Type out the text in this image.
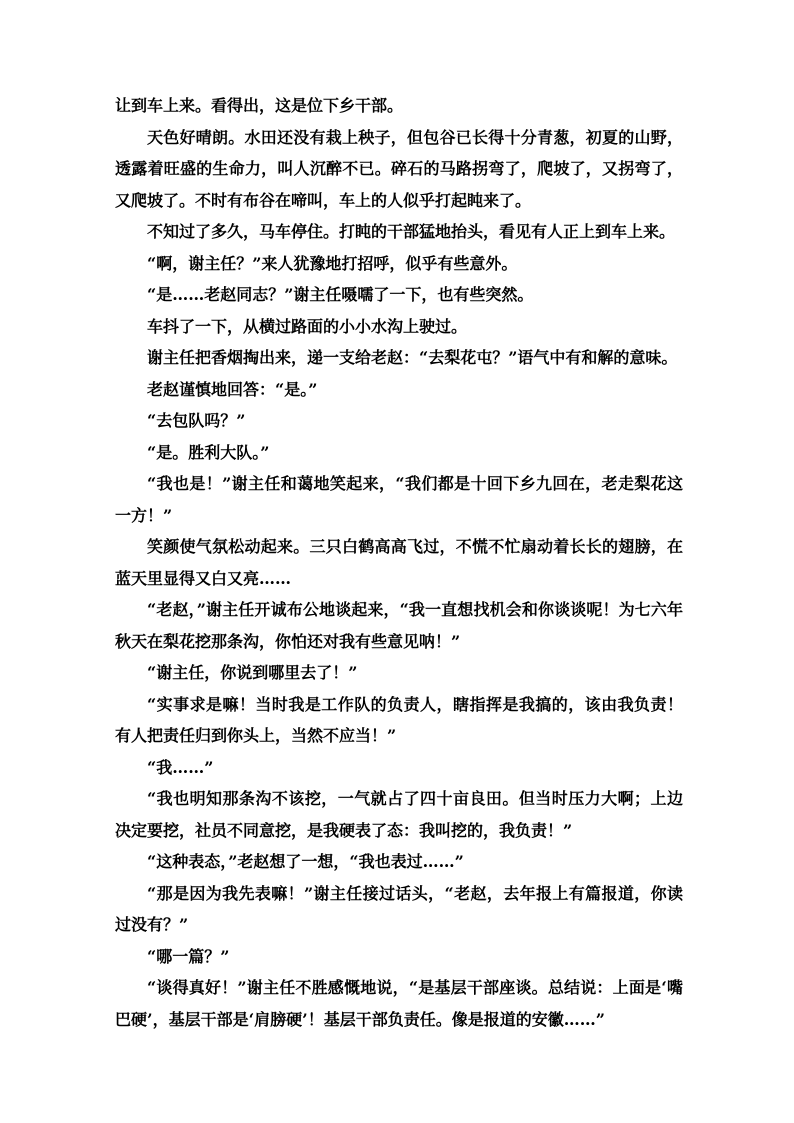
让到车上来。看得出，这是位下乡干部。

天色好晴朗。水田还没有栽上秧子，但包谷已长得十分青葱，初夏的山野，透露着旺盛的生命力，叫人沉醉不已。碎石的马路拐弯了，爬坡了，又拐弯了，又爬坡了。不时有布谷在啼叫，车上的人似乎打起盹来了。

不知过了多久，马车停住。打盹的干部猛地抬头，看见有人正上到车上来。

“啊，谢主任？”来人犹豫地打招呼，似乎有些意外。

“是……老赵同志？”谢主任嗫嚅了一下，也有些突然。

车抖了一下，从横过路面的小小水沟上驶过。

谢主任把香烟掏出来，递一支给老赵：“去梨花屯？”语气中有和解的意味。

老赵谨慎地回答：“是。”

“去包队吗？”

“是。胜利大队。”

“我也是！”谢主任和蔼地笑起来，“我们都是十回下乡九回在，老走梨花这一方！”

笑颜使气氛松动起来。三只白鹤高高飞过，不慌不忙扇动着长长的翅膀，在蓝天里显得又白又亮……

“老赵，”谢主任开诚布公地谈起来，“我一直想找机会和你谈谈呢！为七六年秋天在梨花挖那条沟，你怕还对我有些意见呐！”

“谢主任，你说到哪里去了！”

“实事求是嘛！当时我是工作队的负责人，瞎指挥是我搞的，该由我负责！有人把责任归到你头上，当然不应当！”

“我……”

“我也明知那条沟不该挖，一气就占了四十亩良田。但当时压力大啊；上边决定要挖，社员不同意挖，是我硬表了态：我叫挖的，我负责！”

“这种表态，”老赵想了一想，“我也表过……”

“那是因为我先表嘛！”谢主任接过话头，“老赵，去年报上有篇报道，你读过没有？”

“哪一篇？”

“谈得真好！”谢主任不胜感慨地说，“是基层干部座谈。总结说：上面是‘嘴巴硬’，基层干部是‘肩膀硬’！基层干部负责任。像是报道的安徽……”
